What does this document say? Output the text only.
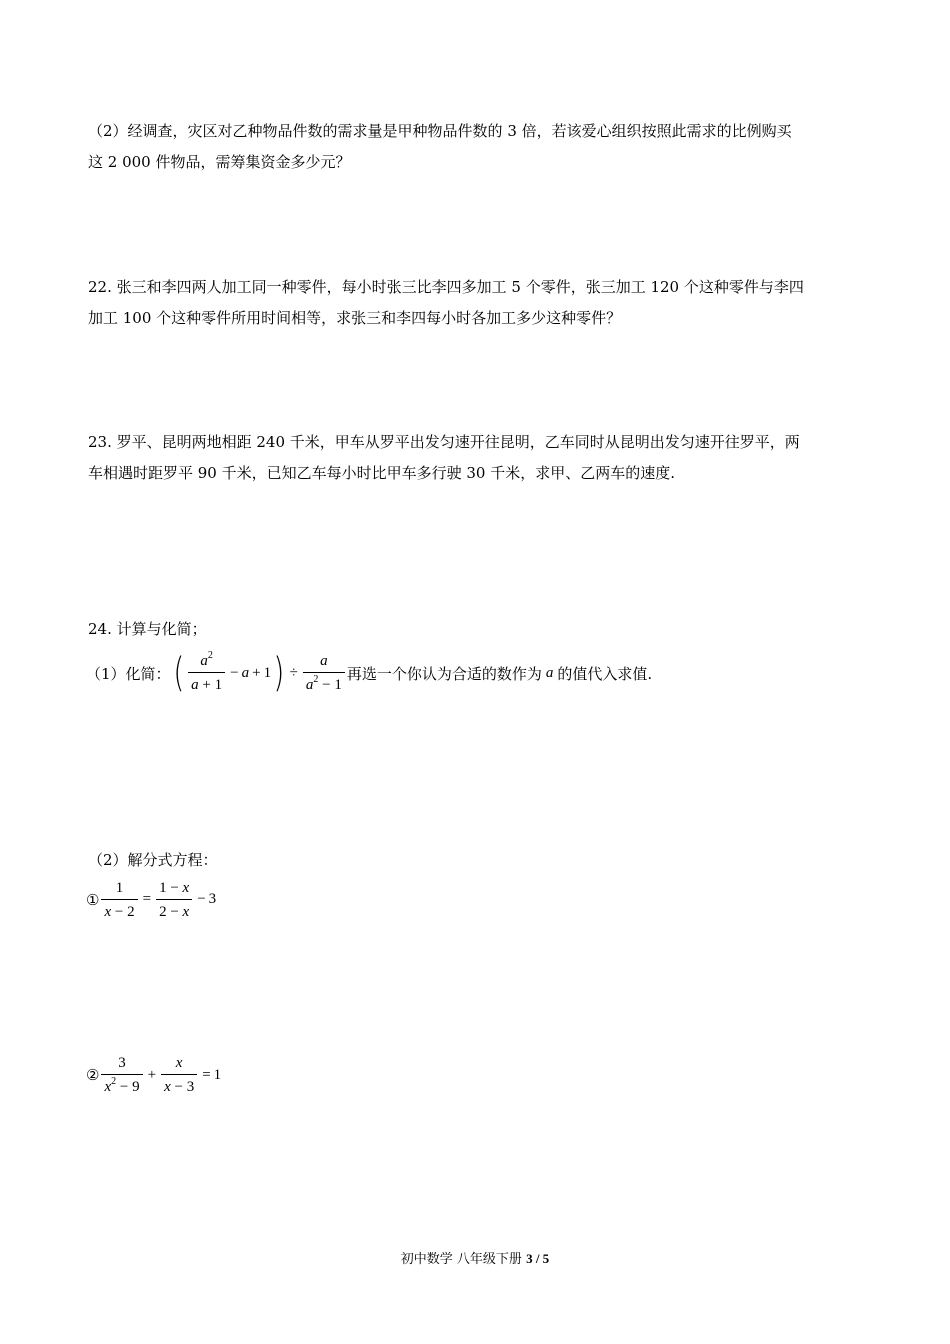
（2）经调查，灾区对乙种物品件数的需求量是甲种物品件数的 3 倍，若该爱心组织按照此需求的比例购买
这 2 000 件物品，需筹集资金多少元？
22. 张三和李四两人加工同一种零件，每小时张三比李四多加工 5 个零件，张三加工 120 个这种零件与李四
加工 100 个这种零件所用时间相等，求张三和李四每小时各加工多少这种零件？
23. 罗平、昆明两地相距 240 千米，甲车从罗平出发匀速开往昆明，乙车同时从昆明出发匀速开往罗平，两
车相遇时距罗平 90 千米，已知乙车每小时比甲车多行驶 30 千米，求甲、乙两车的速度.
24. 计算与化简；
（1）化简： ( $\frac{a^2}{a + 1} - a + 1$ ) ÷ $\frac{a}{a^2 - 1}$ 再选一个你认为合适的数作为 a 的值代入求值.
（2）解分式方程：
① $\frac{1}{x - 2} = \frac{1 - x}{2 - x} - 3$
② $\frac{3}{x^2 - 9} + \frac{x}{x - 3} = 1$
初中数学 八年级下册 3 / 5
